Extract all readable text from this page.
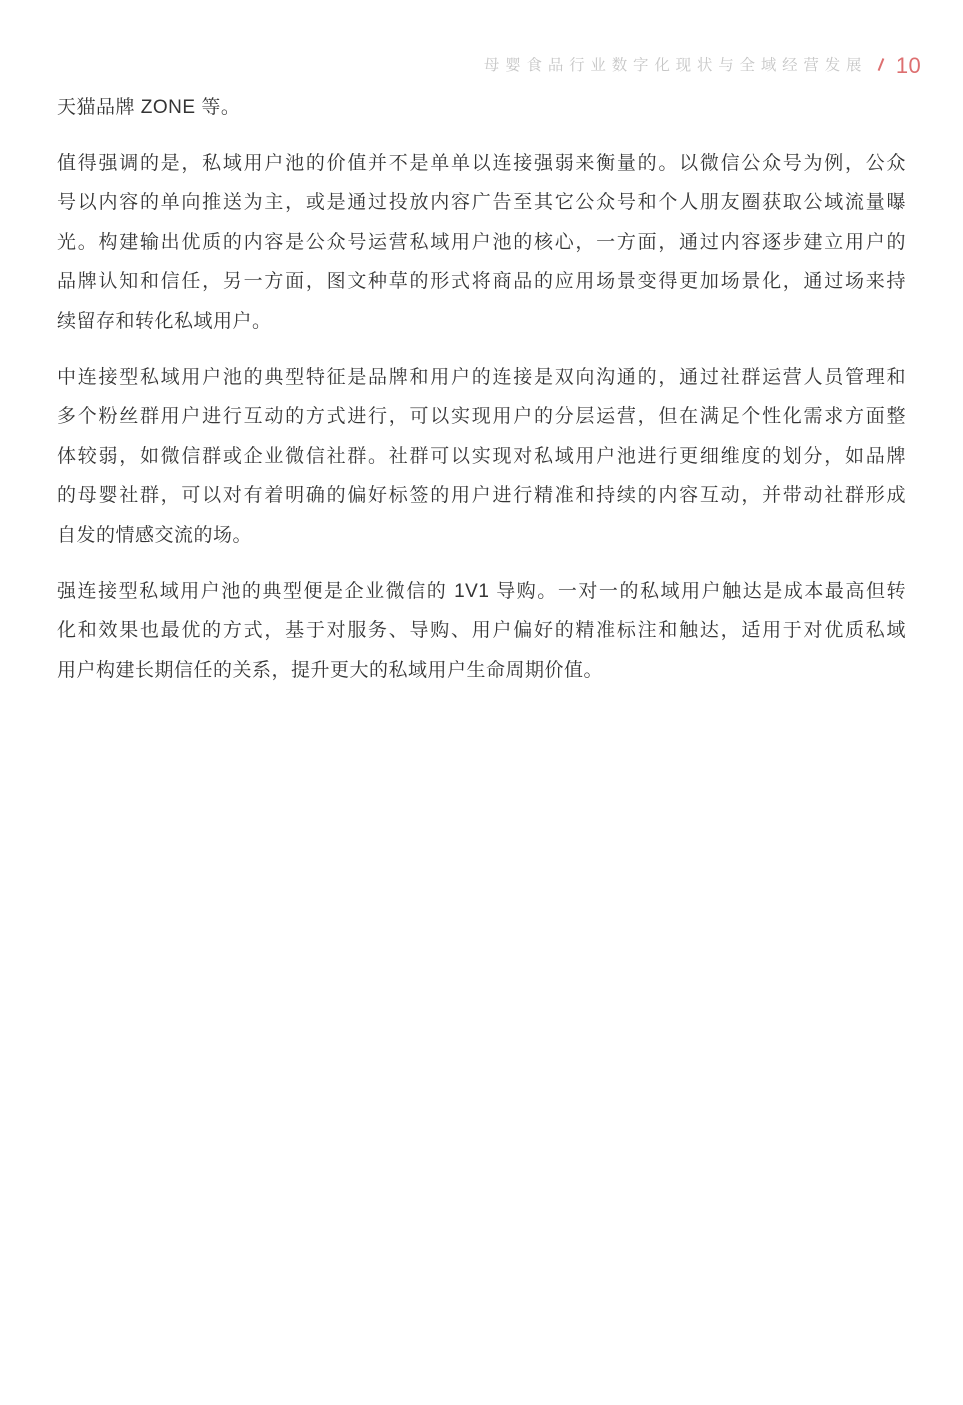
母婴食品行业数字化现状与全域经营发展 10
天猫品牌 ZONE 等。
值得强调的是，私域用户池的价值并不是单单以连接强弱来衡量的。以微信公众号为例，公众
号以内容的单向推送为主，或是通过投放内容广告至其它公众号和个人朋友圈获取公域流量曝
光。构建输出优质的内容是公众号运营私域用户池的核心，一方面，通过内容逐步建立用户的
品牌认知和信任，另一方面，图文种草的形式将商品的应用场景变得更加场景化，通过场来持
续留存和转化私域用户。
中连接型私域用户池的典型特征是品牌和用户的连接是双向沟通的，通过社群运营人员管理和
多个粉丝群用户进行互动的方式进行，可以实现用户的分层运营，但在满足个性化需求方面整
体较弱，如微信群或企业微信社群。社群可以实现对私域用户池进行更细维度的划分，如品牌
的母婴社群，可以对有着明确的偏好标签的用户进行精准和持续的内容互动，并带动社群形成
自发的情感交流的场。
强连接型私域用户池的典型便是企业微信的 1V1 导购。一对一的私域用户触达是成本最高但转
化和效果也最优的方式，基于对服务、导购、用户偏好的精准标注和触达，适用于对优质私域
用户构建长期信任的关系，提升更大的私域用户生命周期价值。
